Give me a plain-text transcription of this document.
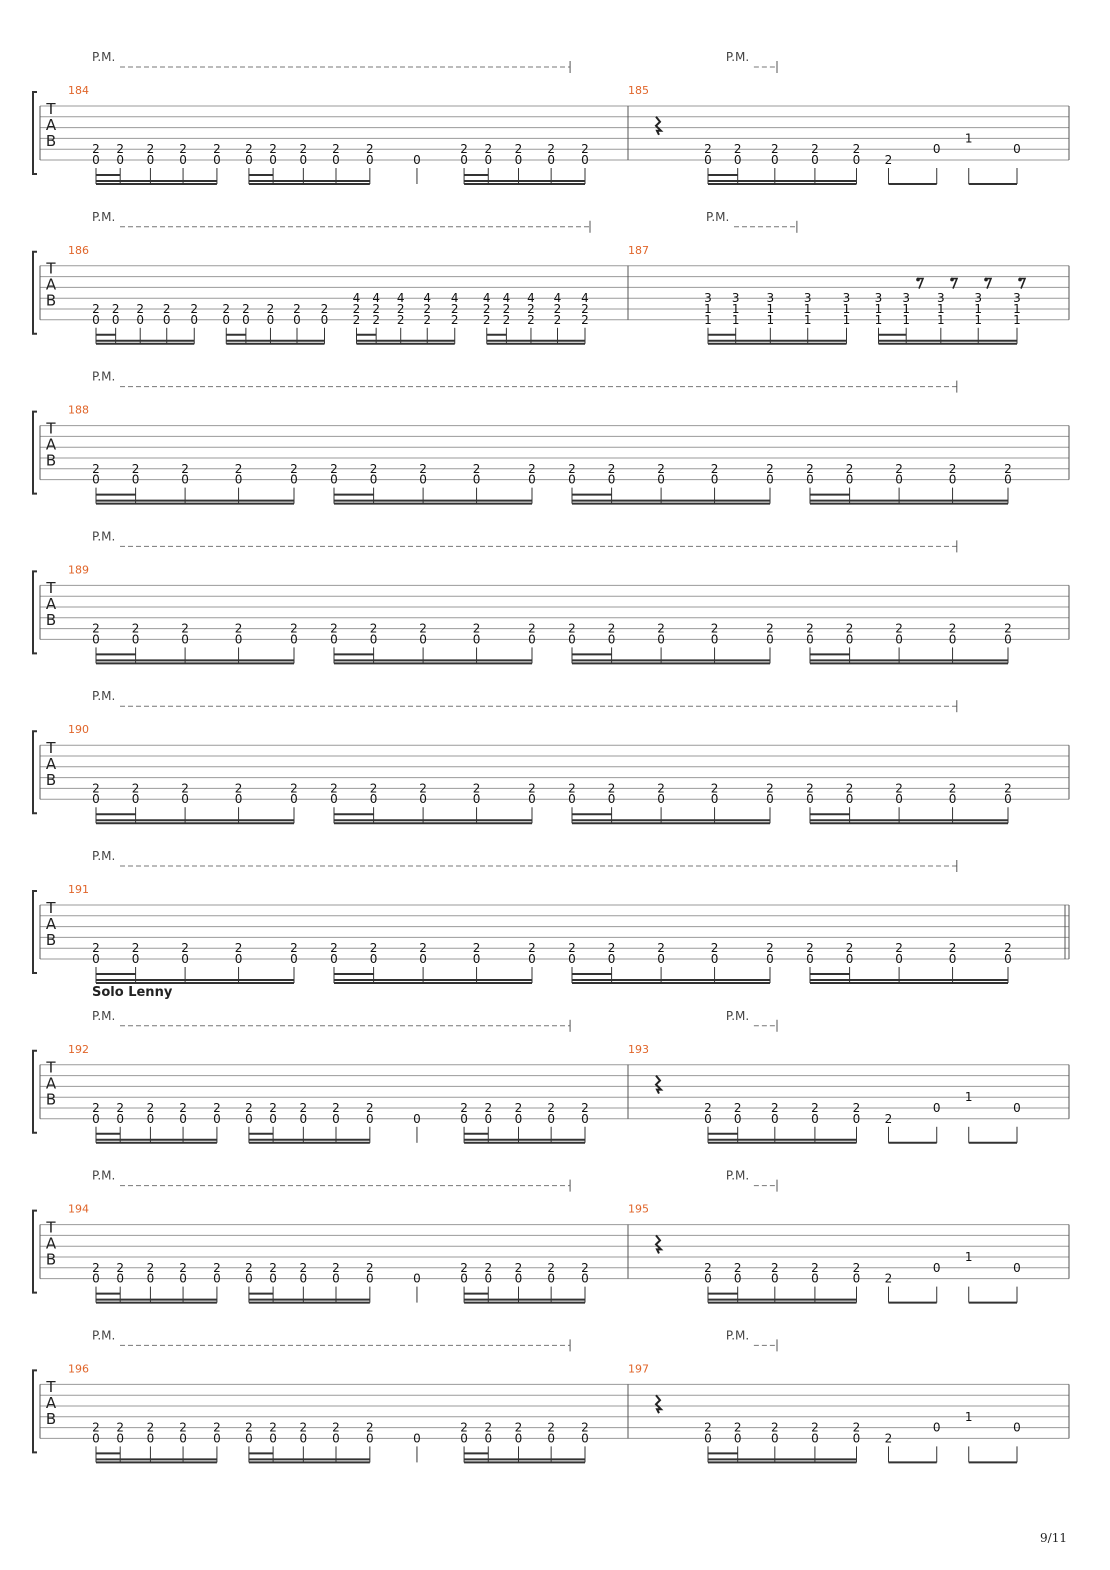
T
A
B
184
P.M.
0
2
0
2
0
2
0
2
0
2
0
2
0
2
0
2
0
2
0
2
0	0
2
0
2
0
2
0
2
0
2
185
P.M.
0
2
0
2
0
2
0
2
0
2
2
0
1
0
T
A
B
186
P.M.
0
2
0
2
0
2
0
2
0
2
0
2
0
2
0
2
0
2
0
2
2
2
4
2
2
4
2
2
4
2
2
4
2
2
4
2
2
4
2
2
4
2
2
4
2
2
4
2
2
4
187
P.M.
1
1
3
1
1
3
1
1
3
1
1
3
1
1
3
1
1
3
1
1
3
1
1
3
1
1
3
1
1
3
T
A
B
188
P.M.
0
2
0
2
0
2
0
2
0
2
0
2
0
2
0
2
0
2
0
2
0
2
0
2
0
2
0
2
0
2
0
2
0
2
0
2
0
2
0
2
T
A
B
189
P.M.
0
2
0
2
0
2
0
2
0
2
0
2
0
2
0
2
0
2
0
2
0
2
0
2
0
2
0
2
0
2
0
2
0
2
0
2
0
2
0
2
T
A
B
190
P.M.
0
2
0
2
0
2
0
2
0
2
0
2
0
2
0
2
0
2
0
2
0
2
0
2
0
2
0
2
0
2
0
2
0
2
0
2
0
2
0
2
T
A
B
191
P.M.
0
2
0
2
0
2
0
2
0
2
0
2
0
2
0
2
0
2
0
2
0
2
0
2
0
2
0
2
0
2
0
2
0
2
0
2
0
2
0
2
T
A
B
Solo Lenny
192
P.M.
0
2
0
2
0
2
0
2
0
2
0
2
0
2
0
2
0
2
0
2
0	0
2
0
2
0
2
0
2
0
2
193
P.M.
0
2
0
2
0
2
0
2
0
2
2
0
1
0
T
A
B
194
P.M.
0
2
0
2
0
2
0
2
0
2
0
2
0
2
0
2
0
2
0
2
0	0
2
0
2
0
2
0
2
0
2
195
P.M.
0
2
0
2
0
2
0
2
0
2
2
0
1
0
T
A
B
196
P.M.
0
2
0
2
0
2
0
2
0
2
0
2
0
2
0
2
0
2
0
2
0	0
2
0
2
0
2
0
2
0
2
197
P.M.
0
2
0
2
0
2
0
2
0
2
2
0
1
0
9/11
